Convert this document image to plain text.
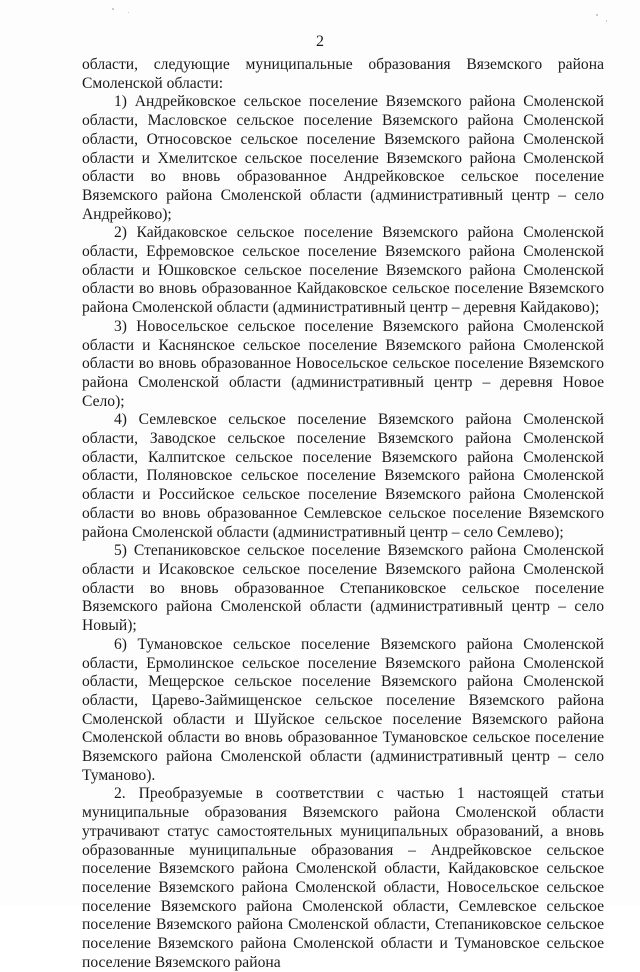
2

области, следующие муниципальные образования Вяземского района Смоленской области:

1) Андрейковское сельское поселение Вяземского района Смоленской области, Масловское сельское поселение Вяземского района Смоленской области, Относовское сельское поселение Вяземского района Смоленской области и Хмелитское сельское поселение Вяземского района Смоленской области во вновь образованное Андрейковское сельское поселение Вяземского района Смоленской области (административный центр – село Андрейково);

2) Кайдаковское сельское поселение Вяземского района Смоленской области, Ефремовское сельское поселение Вяземского района Смоленской области и Юшковское сельское поселение Вяземского района Смоленской области во вновь образованное Кайдаковское сельское поселение Вяземского района Смоленской области (административный центр – деревня Кайдаково);

3) Новосельское сельское поселение Вяземского района Смоленской области и Каснянское сельское поселение Вяземского района Смоленской области во вновь образованное Новосельское сельское поселение Вяземского района Смоленской области (административный центр – деревня Новое Село);

4) Семлевское сельское поселение Вяземского района Смоленской области, Заводское сельское поселение Вяземского района Смоленской области, Калпитское сельское поселение Вяземского района Смоленской области, Поляновское сельское поселение Вяземского района Смоленской области и Российское сельское поселение Вяземского района Смоленской области во вновь образованное Семлевское сельское поселение Вяземского района Смоленской области (административный центр – село Семлево);

5) Степаниковское сельское поселение Вяземского района Смоленской области и Исаковское сельское поселение Вяземского района Смоленской области во вновь образованное Степаниковское сельское поселение Вяземского района Смоленской области (административный центр – село Новый);

6) Тумановское сельское поселение Вяземского района Смоленской области, Ермолинское сельское поселение Вяземского района Смоленской области, Мещерское сельское поселение Вяземского района Смоленской области, Царево-Займищенское сельское поселение Вяземского района Смоленской области и Шуйское сельское поселение Вяземского района Смоленской области во вновь образованное Тумановское сельское поселение Вяземского района Смоленской области (административный центр – село Туманово).

2. Преобразуемые в соответствии с частью 1 настоящей статьи муниципальные образования Вяземского района Смоленской области утрачивают статус самостоятельных муниципальных образований, а вновь образованные муниципальные образования – Андрейковское сельское поселение Вяземского района Смоленской области, Кайдаковское сельское поселение Вяземского района Смоленской области, Новосельское сельское поселение Вяземского района Смоленской области, Семлевское сельское поселение Вяземского района Смоленской области, Степаниковское сельское поселение Вяземского района Смоленской области и Тумановское сельское поселение Вяземского района
